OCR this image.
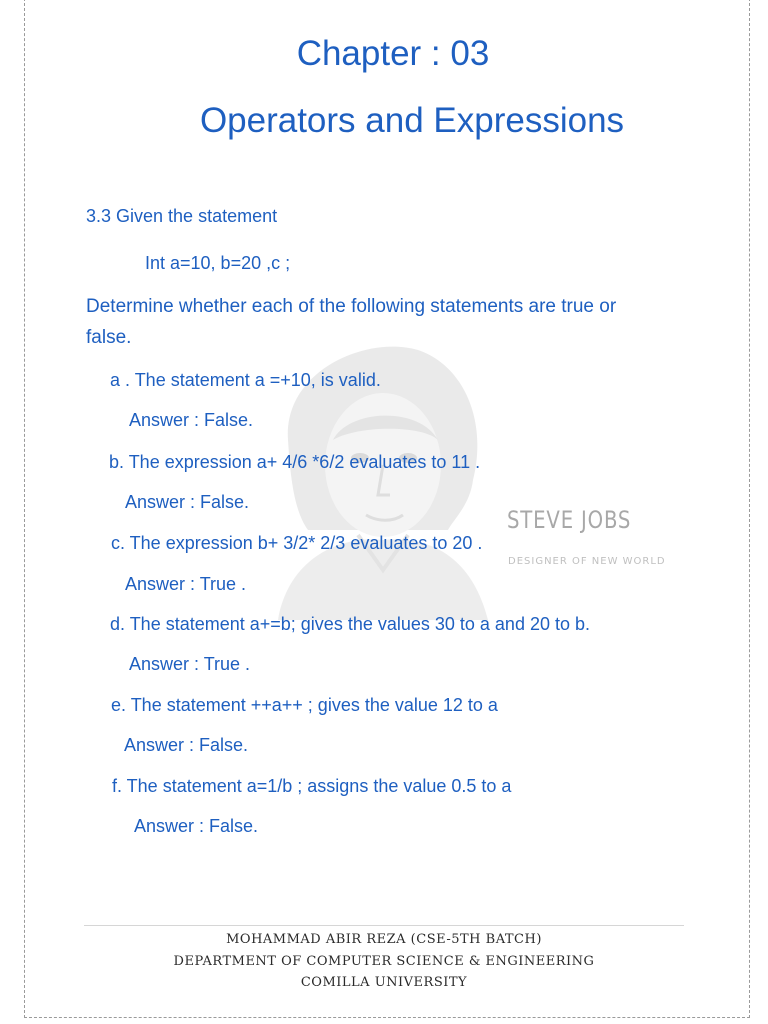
STEVE JOBS
DESIGNER OF NEW WORLD
Chapter : 03
Operators and Expressions
3.3 Given the statement
Int a=10, b=20 ,c ;
Determine whether each of the following statements are true or
false.
a . The statement a =+10, is valid.
Answer : False.
b. The expression a+ 4/6 *6/2 evaluates to 11 .
Answer : False.
c. The expression b+ 3/2* 2/3 evaluates to 20 .
Answer : True .
d. The statement a+=b; gives the values 30 to a and 20 to b.
Answer : True .
e. The statement ++a++ ; gives the value 12 to a
Answer : False.
f. The statement a=1/b ; assigns the value 0.5 to a
Answer : False.
MOHAMMAD ABIR REZA (CSE-5TH BATCH)
DEPARTMENT OF COMPUTER SCIENCE & ENGINEERING
COMILLA UNIVERSITY
